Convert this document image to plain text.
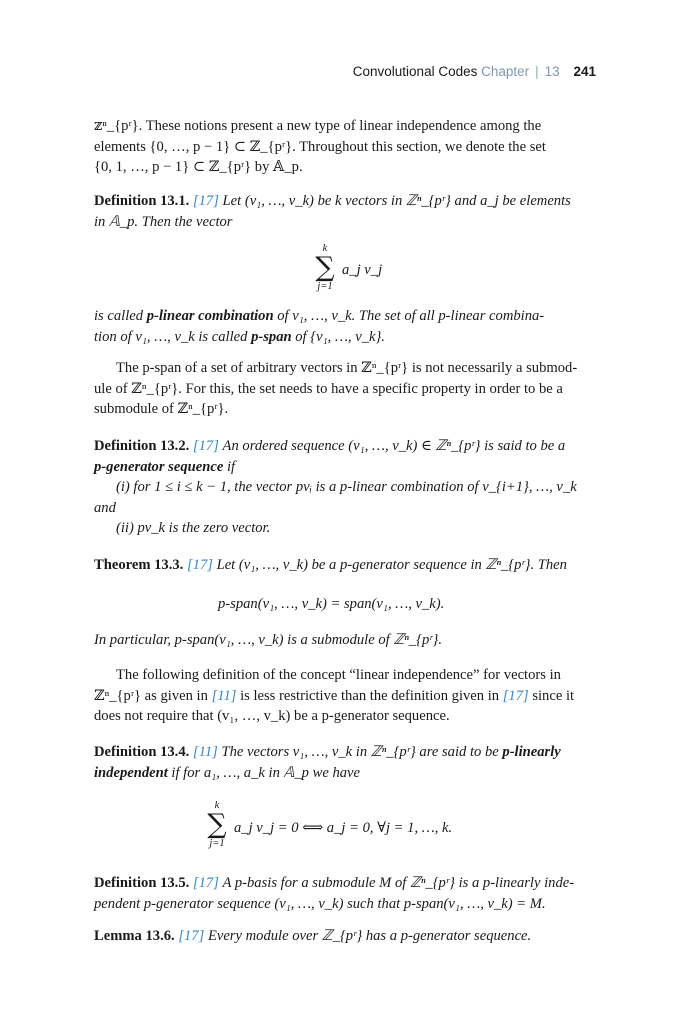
Convolutional Codes Chapter | 13 241
𝕫ⁿ_{pʳ}. These notions present a new type of linear independence among the
elements {0, …, p − 1} ⊂ ℤ_{pʳ}. Throughout this section, we denote the set
{0, 1, …, p − 1} ⊂ ℤ_{pʳ} by 𝔸_p.
Definition 13.1. [17] Let (v₁, …, v_k) be k vectors in ℤⁿ_{pʳ} and a_j be elements
in 𝔸_p. Then the vector
k
∑
j=1
a_j v_j
is called p-linear combination of v₁, …, v_k. The set of all p-linear combina-
tion of v₁, …, v_k is called p-span of {v₁, …, v_k}.
The p-span of a set of arbitrary vectors in ℤⁿ_{pʳ} is not necessarily a submod-
ule of ℤⁿ_{pʳ}. For this, the set needs to have a specific property in order to be a
submodule of ℤⁿ_{pʳ}.
Definition 13.2. [17] An ordered sequence (v₁, …, v_k) ∈ ℤⁿ_{pʳ} is said to be a
p-generator sequence if
(i) for 1 ≤ i ≤ k − 1, the vector pvᵢ is a p-linear combination of v_{i+1}, …, v_k
and
(ii) pv_k is the zero vector.
Theorem 13.3. [17] Let (v₁, …, v_k) be a p-generator sequence in ℤⁿ_{pʳ}. Then
p-span(v₁, …, v_k) = span(v₁, …, v_k).
In particular, p-span(v₁, …, v_k) is a submodule of ℤⁿ_{pʳ}.
The following definition of the concept “linear independence” for vectors in
ℤⁿ_{pʳ} as given in [11] is less restrictive than the definition given in [17] since it
does not require that (v₁, …, v_k) be a p-generator sequence.
Definition 13.4. [11] The vectors v₁, …, v_k in ℤⁿ_{pʳ} are said to be p-linearly
independent if for a₁, …, a_k in 𝔸_p we have
k
∑
j=1
a_j v_j = 0 ⟺ a_j = 0, ∀j = 1, …, k.
Definition 13.5. [17] A p-basis for a submodule M of ℤⁿ_{pʳ} is a p-linearly inde-
pendent p-generator sequence (v₁, …, v_k) such that p-span(v₁, …, v_k) = M.
Lemma 13.6. [17] Every module over ℤ_{pʳ} has a p-generator sequence.
